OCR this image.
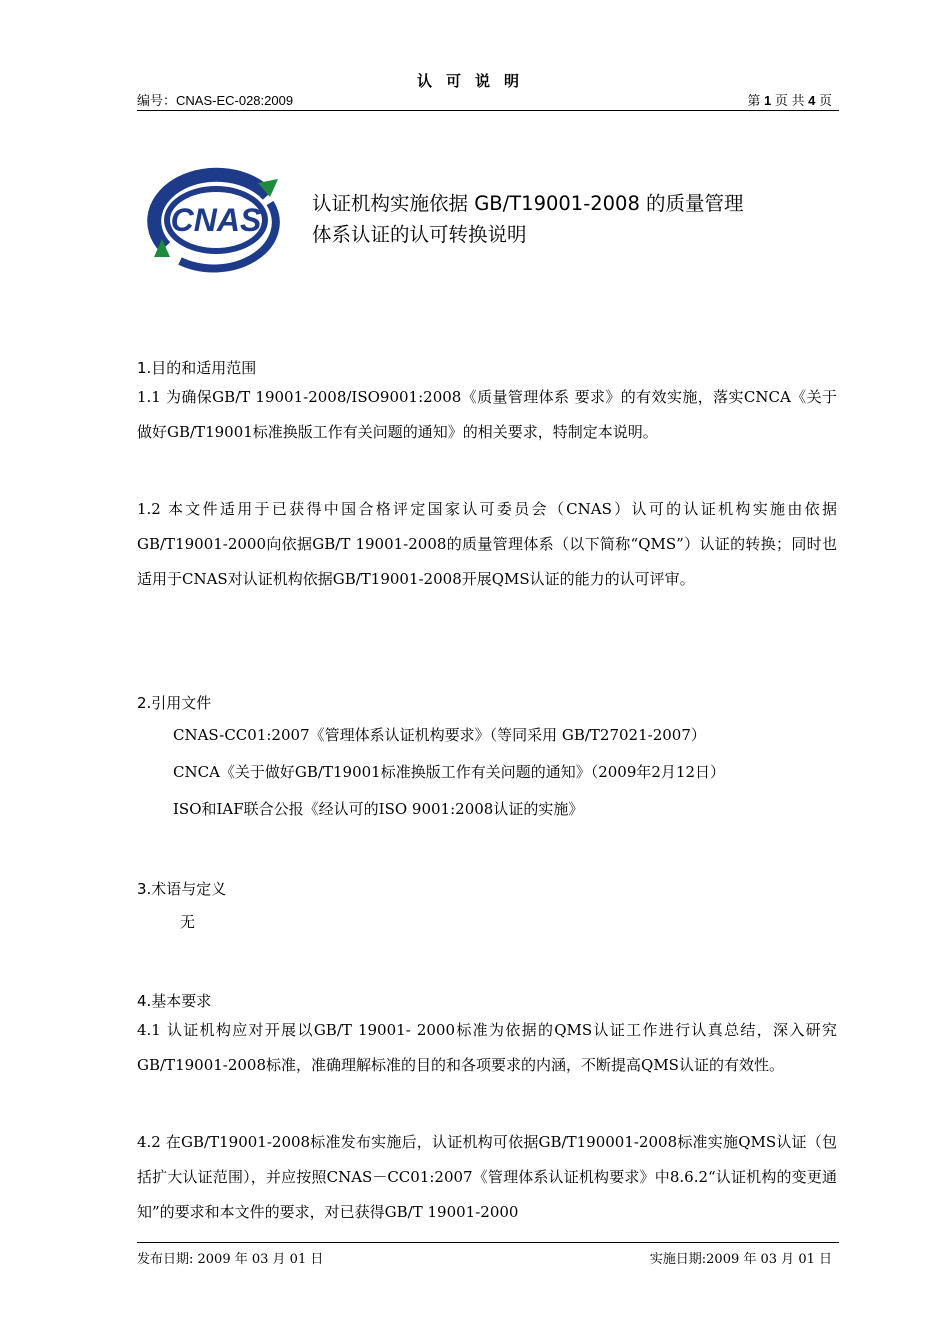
认可说明
编号：CNAS-EC-028:2009	第 1 页 共 4 页
CNAS	认证机构实施依据 GB/T19001-2008 的质量管理
体系认证的认可转换说明
1.目的和适用范围
1.1 为确保GB/T 19001-2008/ISO9001:2008《质量管理体系 要求》的有效实施，落实CNCA《关于做好GB/T19001标准换版工作有关问题的通知》的相关要求，特制定本说明。
1.2 本文件适用于已获得中国合格评定国家认可委员会（CNAS）认可的认证机构实施由依据GB/T19001-2000向依据GB/T 19001-2008的质量管理体系（以下简称“QMS”）认证的转换；同时也适用于CNAS对认证机构依据GB/T19001-2008开展QMS认证的能力的认可评审。
2.引用文件
CNAS-CC01:2007《管理体系认证机构要求》（等同采用 GB/T27021-2007）
CNCA《关于做好GB/T19001标准换版工作有关问题的通知》（2009年2月12日）
ISO和IAF联合公报《经认可的ISO 9001:2008认证的实施》
3.术语与定义
无
4.基本要求
4.1 认证机构应对开展以GB/T 19001- 2000标准为依据的QMS认证工作进行认真总结，深入研究GB/T19001-2008标准，准确理解标准的目的和各项要求的内涵，不断提高QMS认证的有效性。
4.2 在GB/T19001-2008标准发布实施后，认证机构可依据GB/T190001-2008标准实施QMS认证（包括扩大认证范围），并应按照CNAS－CC01:2007《管理体系认证机构要求》中8.6.2“认证机构的变更通知”的要求和本文件的要求，对已获得GB/T 19001-2000
发布日期: 2009 年 03 月 01 日	实施日期:2009 年 03 月 01 日
